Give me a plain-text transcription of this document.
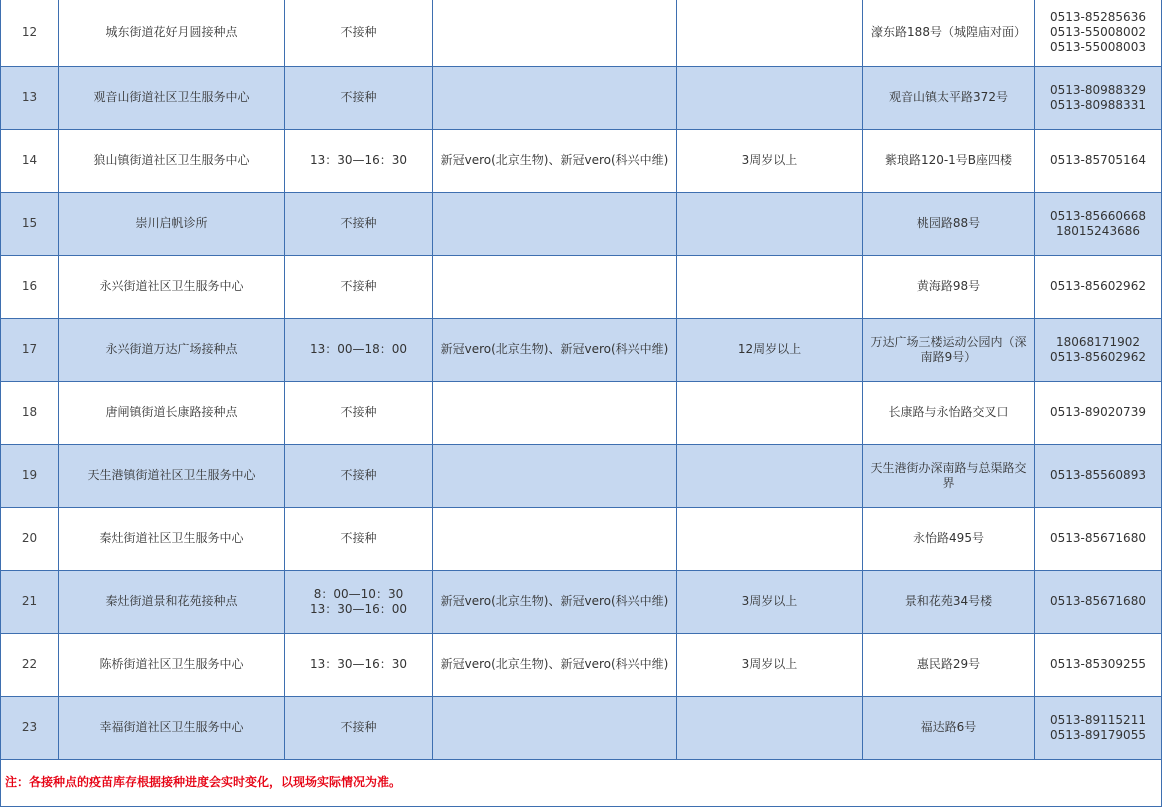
12	城东街道花好月圆接种点	不接种			濠东路188号（城隍庙对面）	0513-85285636
0513-55008002
0513-55008003
13	观音山街道社区卫生服务中心	不接种			观音山镇太平路372号	0513-80988329
0513-80988331
14	狼山镇街道社区卫生服务中心	13：30—16：30	新冠vero(北京生物)、新冠vero(科兴中维)	3周岁以上	紫琅路120-1号B座四楼	0513-85705164
15	崇川启帆诊所	不接种			桃园路88号	0513-85660668
18015243686
16	永兴街道社区卫生服务中心	不接种			黄海路98号	0513-85602962
17	永兴街道万达广场接种点	13：00—18：00	新冠vero(北京生物)、新冠vero(科兴中维)	12周岁以上	万达广场三楼运动公园内（深南路9号）	18068171902
0513-85602962
18	唐闸镇街道长康路接种点	不接种			长康路与永怡路交叉口	0513-89020739
19	天生港镇街道社区卫生服务中心	不接种			天生港街办深南路与总渠路交界	0513-85560893
20	秦灶街道社区卫生服务中心	不接种			永怡路495号	0513-85671680
21	秦灶街道景和花苑接种点	8：00—10：30
13：30—16：00	新冠vero(北京生物)、新冠vero(科兴中维)	3周岁以上	景和花苑34号楼	0513-85671680
22	陈桥街道社区卫生服务中心	13：30—16：30	新冠vero(北京生物)、新冠vero(科兴中维)	3周岁以上	惠民路29号	0513-85309255
23	幸福街道社区卫生服务中心	不接种			福达路6号	0513-89115211
0513-89179055
注：各接种点的疫苗库存根据接种进度会实时变化，以现场实际情况为准。						
